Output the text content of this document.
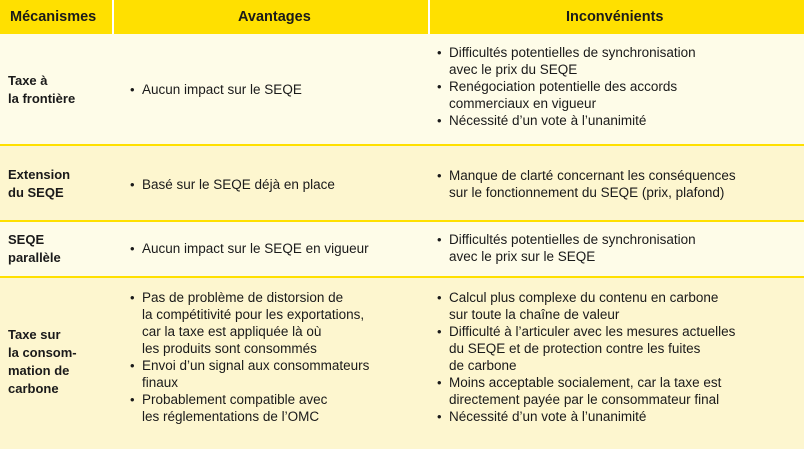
Mécanismes	Avantages	Inconvénients
Taxe à
la frontière
• Aucun impact sur le SEQE
• Difficultés potentielles de synchronisation
avec le prix du SEQE
• Renégociation potentielle des accords
commerciaux en vigueur
• Nécessité d’un vote à l’unanimité
Extension
du SEQE
• Basé sur le SEQE déjà en place
• Manque de clarté concernant les conséquences
sur le fonctionnement du SEQE (prix, plafond)
SEQE
parallèle
• Aucun impact sur le SEQE en vigueur
• Difficultés potentielles de synchronisation
avec le prix sur le SEQE
Taxe sur
la consom-
mation de
carbone
• Pas de problème de distorsion de
la compétitivité pour les exportations,
car la taxe est appliquée là où
les produits sont consommés
• Envoi d’un signal aux consommateurs
finaux
• Probablement compatible avec
les réglementations de l’OMC
• Calcul plus complexe du contenu en carbone
sur toute la chaîne de valeur
• Difficulté à l’articuler avec les mesures actuelles
du SEQE et de protection contre les fuites
de carbone
• Moins acceptable socialement, car la taxe est
directement payée par le consommateur final
• Nécessité d’un vote à l’unanimité
